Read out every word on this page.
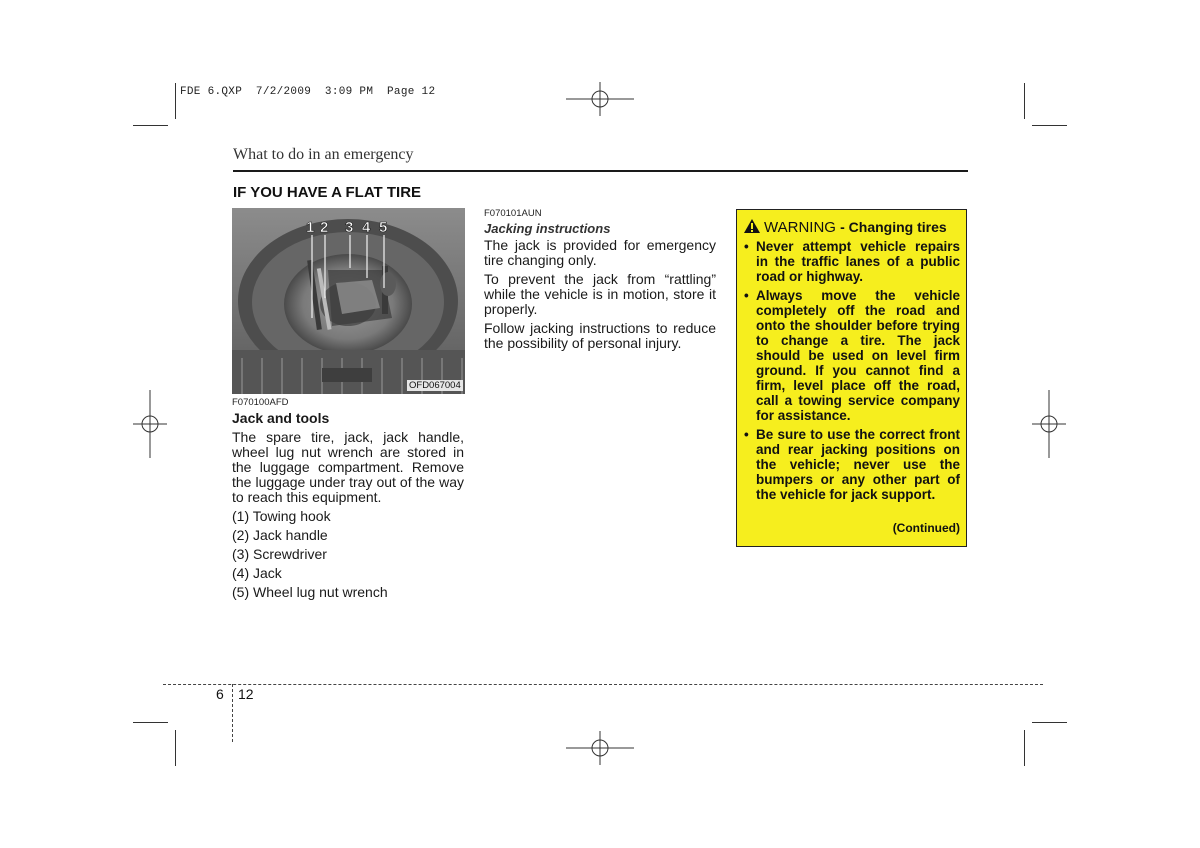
FDE 6.QXP  7/2/2009  3:09 PM  Page 12
What to do in an emergency
IF YOU HAVE A FLAT TIRE
1 2 3 4 5
OFD067004
F070100AFD
Jack and tools
The spare tire, jack, jack handle, wheel lug nut wrench are stored in the luggage compartment. Remove the luggage under tray out of the way to reach this equipment.
(1) Towing hook
(2) Jack handle
(3) Screwdriver
(4) Jack
(5) Wheel lug nut wrench
F070101AUN
Jacking instructions
The jack is provided for emergency tire changing only.
To prevent the jack from “rattling” while the vehicle is in motion, store it properly.
Follow jacking instructions to reduce the possibility of personal injury.
WARNING - Changing tires
• Never attempt vehicle repairs in the traffic lanes of a public road or highway.
• Always move the vehicle completely off the road and onto the shoulder before trying to change a tire. The jack should be used on level firm ground. If you cannot find a firm, level place off the road, call a towing service company for assistance.
• Be sure to use the correct front and rear jacking positions on the vehicle; never use the bumpers or any other part of the vehicle for jack support.
(Continued)
6 12
